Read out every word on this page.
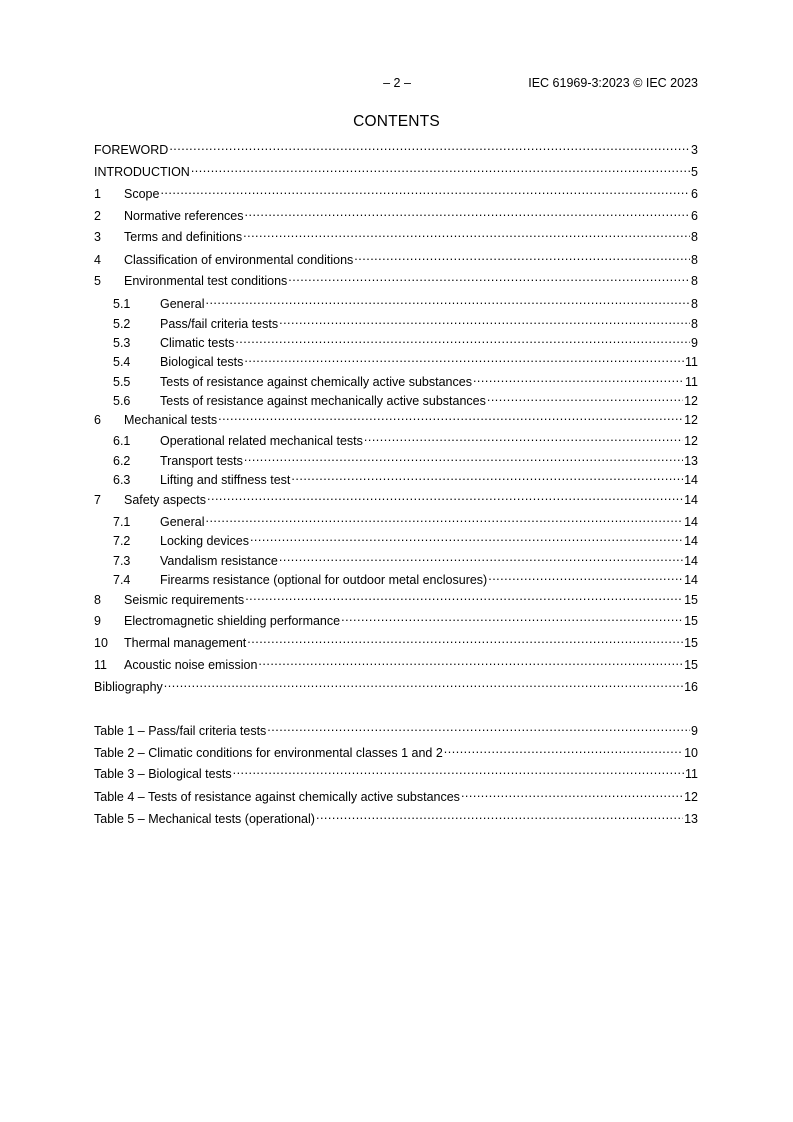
– 2 –	IEC 61969-3:2023 © IEC 2023
CONTENTS
FOREWORD .....	3
INTRODUCTION .....	5
1	Scope .....	6
2	Normative references .....	6
3	Terms and definitions .....	8
4	Classification of environmental conditions .....	8
5	Environmental test conditions .....	8
5.1	General .....	8
5.2	Pass/fail criteria tests .....	8
5.3	Climatic tests .....	9
5.4	Biological tests .....	11
5.5	Tests of resistance against chemically active substances .....	11
5.6	Tests of resistance against mechanically active substances .....	12
6	Mechanical tests .....	12
6.1	Operational related mechanical tests .....	12
6.2	Transport tests .....	13
6.3	Lifting and stiffness test .....	14
7	Safety aspects .....	14
7.1	General .....	14
7.2	Locking devices .....	14
7.3	Vandalism resistance .....	14
7.4	Firearms resistance (optional for outdoor metal enclosures) .....	14
8	Seismic requirements .....	15
9	Electromagnetic shielding performance .....	15
10	Thermal management .....	15
11	Acoustic noise emission .....	15
Bibliography .....	16
Table 1 – Pass/fail criteria tests .....	9
Table 2 – Climatic conditions for environmental classes 1 and 2 .....	10
Table 3 – Biological tests .....	11
Table 4 – Tests of resistance against chemically active substances .....	12
Table 5 – Mechanical tests (operational) .....	13
